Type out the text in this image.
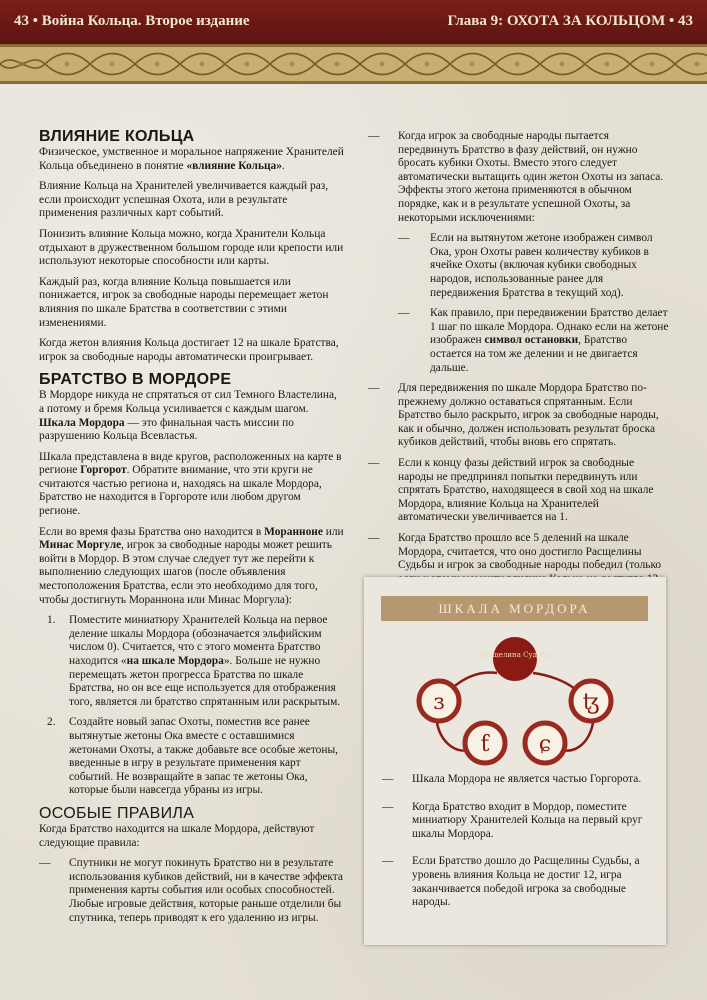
43 • Война Кольца. Второе издание	Глава 9: ОХОТА ЗА КОЛЬЦОМ • 43
ВЛИЯНИЕ КОЛЬЦА

Физическое, умственное и моральное напряжение Хранителей Кольца объединено в понятие «влияние Кольца».

Влияние Кольца на Хранителей увеличивается каждый раз, если происходит успешная Охота, или в результате применения различных карт событий.

Понизить влияние Кольца можно, когда Хранители Кольца отдыхают в дружественном большом городе или крепости или используют некоторые способности или карты.

Каждый раз, когда влияние Кольца повышается или понижается, игрок за свободные народы перемещает жетон влияния по шкале Братства в соответствии с этими изменениями.

Когда жетон влияния Кольца достигает 12 на шкале Братства, игрок за свободные народы автоматически проигрывает.

БРАТСТВО В МОРДОРЕ

В Мордоре никуда не спрятаться от сил Темного Властелина, а потому и бремя Кольца усиливается с каждым шагом. Шкала Мордора — это финальная часть миссии по разрушению Кольца Всевластья.

Шкала представлена в виде кругов, расположенных на карте в регионе Горгорот. Обратите внимание, что эти круги не считаются частью региона и, находясь на шкале Мордора, Братство не находится в Горгороте или любом другом регионе.

Если во время фазы Братства оно находится в Моранноне или Минас Моргуле, игрок за свободные народы может решить войти в Мордор. В этом случае следует тут же перейти к выполнению следующих шагов (после объявления местоположения Братства, если это необходимо для того, чтобы достигнуть Мораннона или Минас Моргула):

1. Поместите миниатюру Хранителей Кольца на первое деление шкалы Мордора (обозначается эльфийским числом 0). Считается, что с этого момента Братство находится «на шкале Мордора». Больше не нужно перемещать жетон прогресса Братства по шкале Братства, но он все еще используется для отображения того, является ли братство спрятанным или раскрытым.
2. Создайте новый запас Охоты, поместив все ранее вытянутые жетоны Ока вместе с оставшимися жетонами Охоты, а также добавьте все особые жетоны, введенные в игру в результате применения карт событий. Не возвращайте в запас те жетоны Ока, которые были навсегда убраны из игры.
ОСОБЫЕ ПРАВИЛА

Когда Братство находится на шкале Мордора, действуют следующие правила:

— Спутники не могут покинуть Братство ни в результате использования кубиков действий, ни в качестве эффекта применения карты события или особых способностей. Любые игровые действия, которые раньше отделили бы спутника, теперь приводят к его удалению из игры.
— Когда игрок за свободные народы пытается передвинуть Братство в фазу действий, он нужно бросать кубики Охоты. Вместо этого следует автоматически вытащить один жетон Охоты из запаса. Эффекты этого жетона применяются в обычном порядке, как и в результате успешной Охоты, за некоторыми исключениями:
— Если на вытянутом жетоне изображен символ Ока, урон Охоты равен количеству кубиков в ячейке Охоты (включая кубики свободных народов, использованные ранее для передвижения Братства в текущий ход).
— Как правило, при передвижении Братство делает 1 шаг по шкале Мордора. Однако если на жетоне изображен символ остановки, Братство остается на том же делении и не двигается дальше.
— Для передвижения по шкале Мордора Братство по-прежнему должно оставаться спрятанным. Если Братство было раскрыто, игрок за свободные народы, как и обычно, должен использовать результат броска кубиков действий, чтобы вновь его спрятать.
— Если к концу фазы действий игрок за свободные народы не предпринял попытки передвинуть или спрятать Братство, находящееся в свой ход на шкале Мордора, влияние Кольца на Хранителей автоматически увеличивается на 1.
— Когда Братство прошло все 5 делений на шкале Мордора, считается, что оно достигло Расщелины Судьбы и игрок за свободные народы победил (только
ШКАЛА МОРДОРА
Расщелина Судьбы
ɜ	ꜩ
ƭ ɕ
— Шкала Мордора не является частью Горгорота.
— Когда Братство входит в Мордор, поместите миниатюру Хранителей Кольца на первый круг шкалы Мордора.
— Если Братство дошло до Расщелины Судьбы, а уровень влияния Кольца не достиг 12, игра заканчивается победой игрока за свободные народы.
